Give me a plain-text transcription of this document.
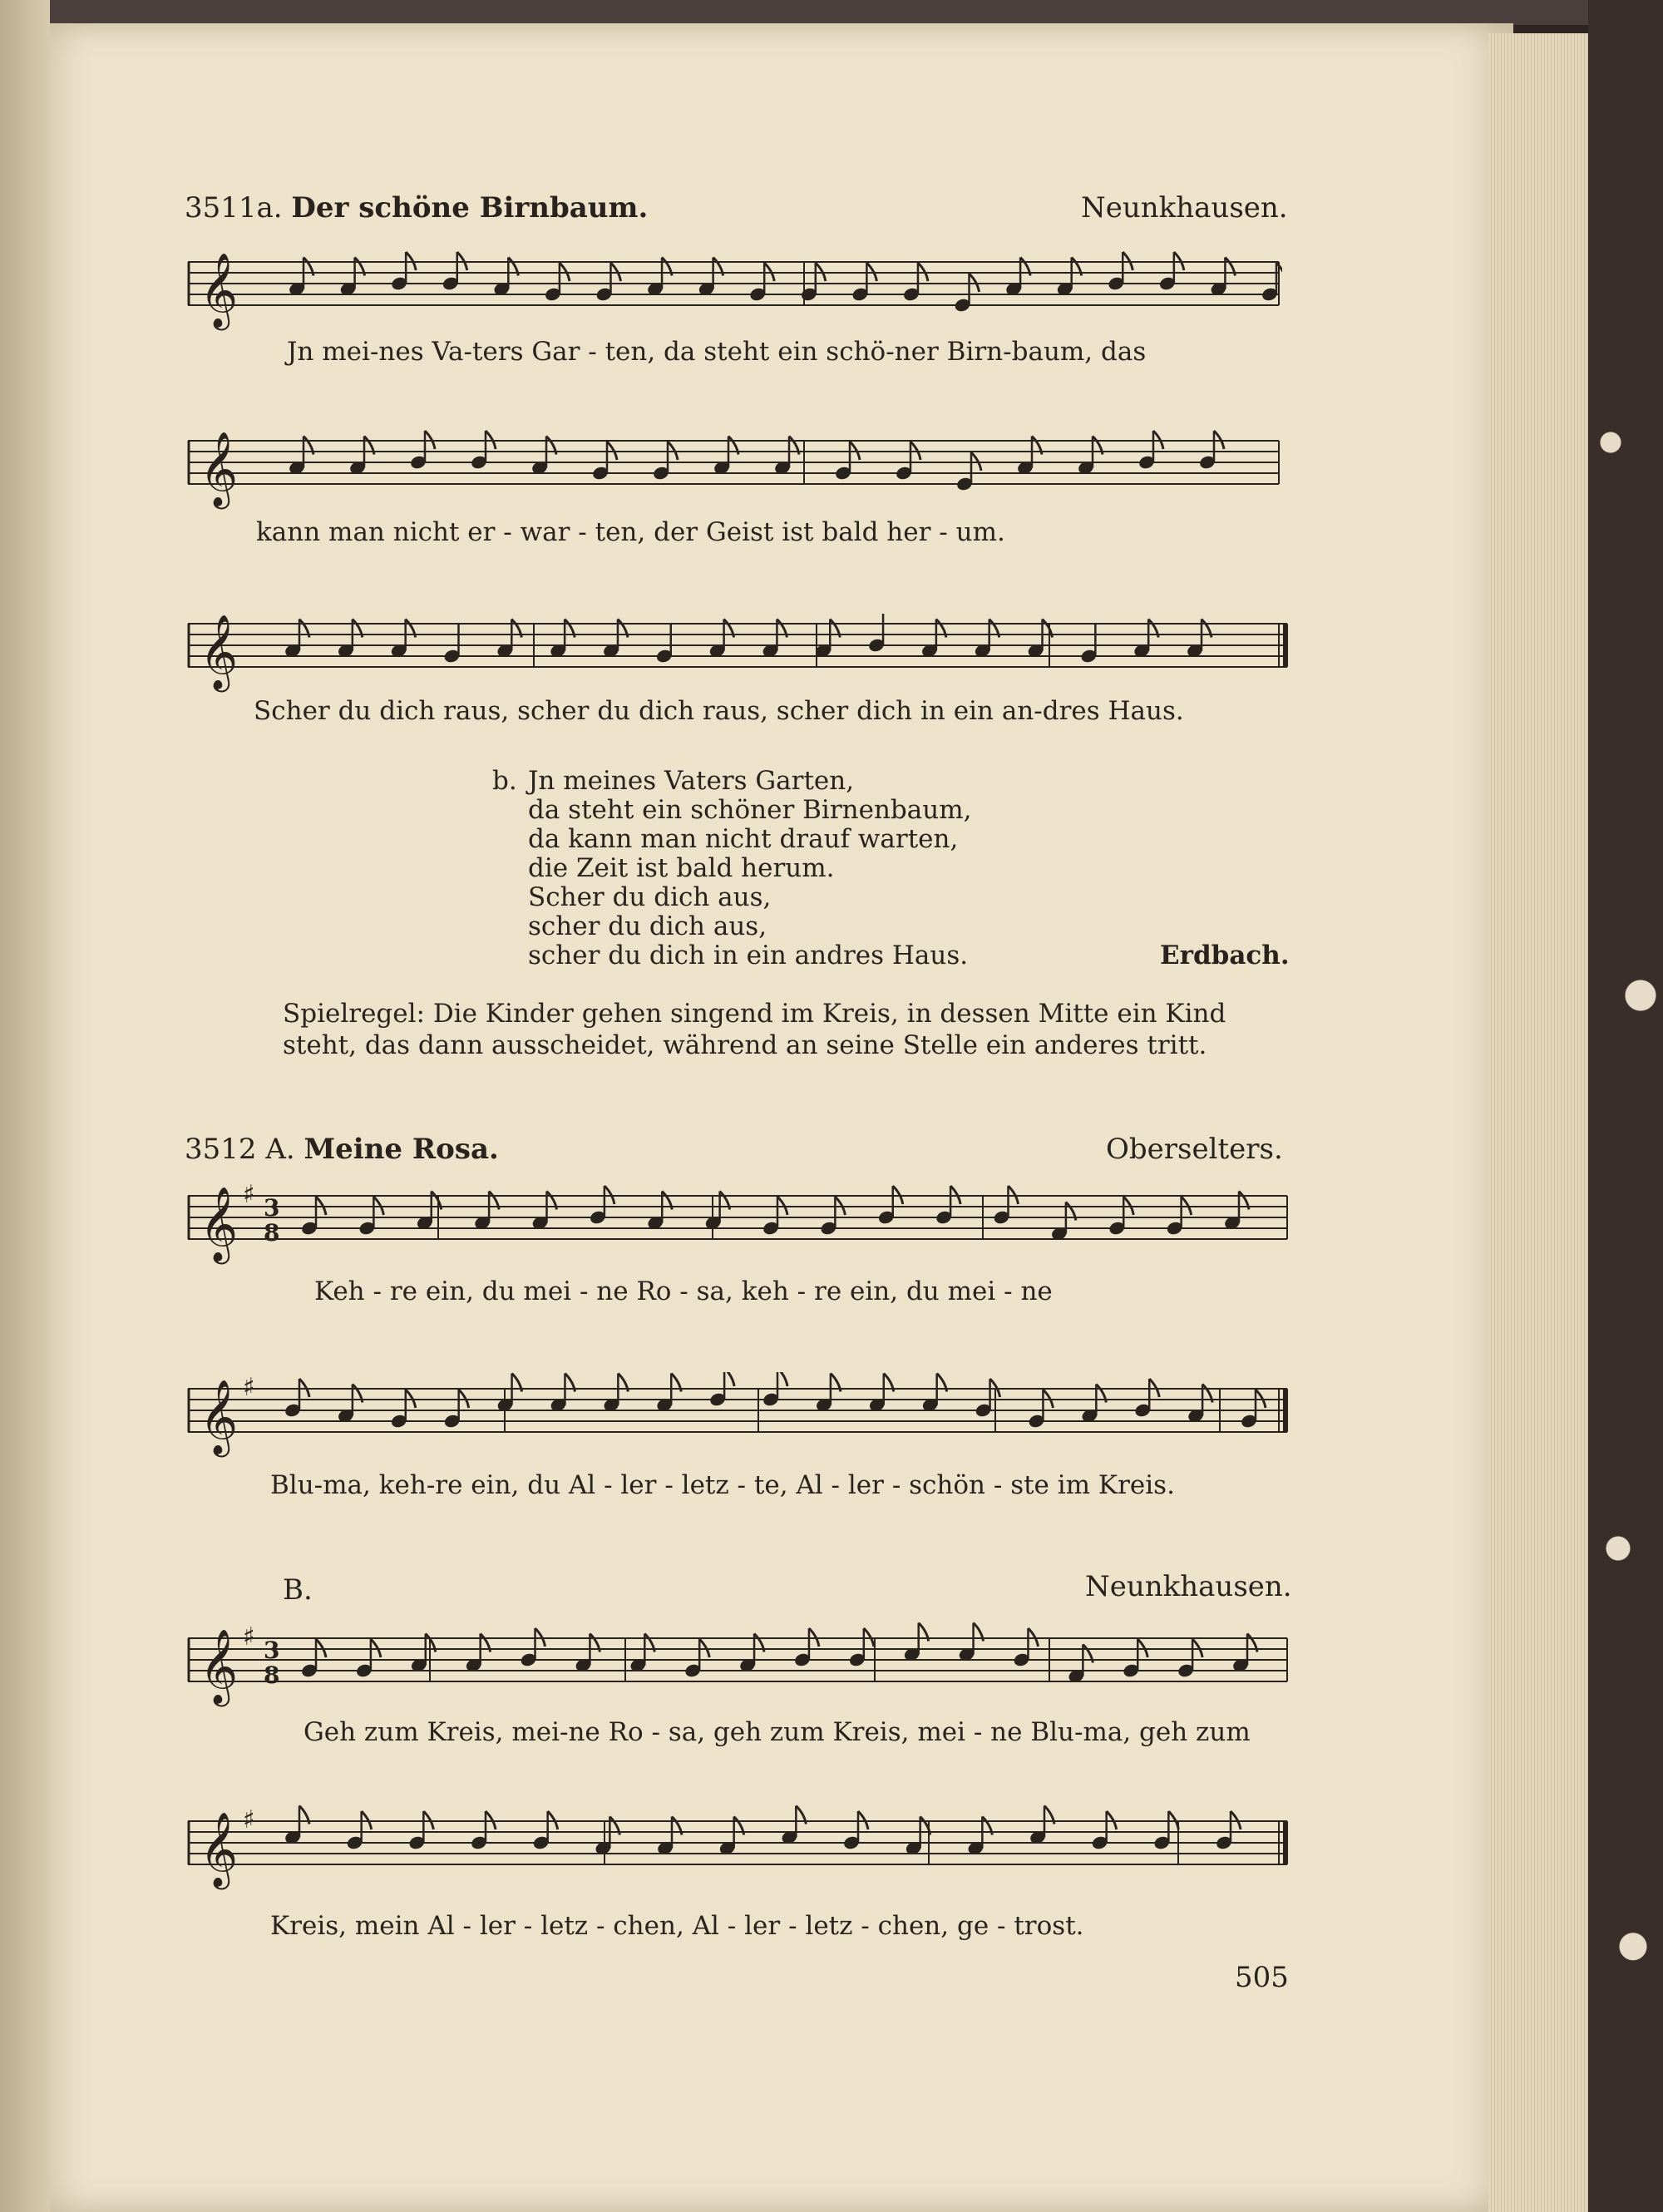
3511a. Der schöne Birnbaum.	Neunkhausen.
𝄞
Jn mei-nes Va-ters Gar - ten, da steht ein schö-ner Birn-baum, das
𝄞
kann man nicht er - war - ten, der Geist ist bald her - um.
𝄞
Scher du dich raus, scher du dich raus, scher dich in ein an-dres Haus.
b. Jn meines Vaters Garten,
da steht ein schöner Birnenbaum,
da kann man nicht drauf warten,
die Zeit ist bald herum.
Scher du dich aus,
scher du dich aus,
scher du dich in ein andres Haus.	Erdbach.
Spielregel: Die Kinder gehen singend im Kreis, in dessen Mitte ein Kind steht, das dann ausscheidet, während an seine Stelle ein anderes tritt.
3512 A. Meine Rosa.	Oberselters.
𝄞 ♯ 3
8
Keh - re ein, du mei - ne Ro - sa, keh - re ein, du mei - ne
𝄞 ♯
Blu-ma, keh-re ein, du Al - ler - letz - te, Al - ler - schön - ste im Kreis.
B.	Neunkhausen.
𝄞 ♯ 3
8
Geh zum Kreis, mei-ne Ro - sa, geh zum Kreis, mei - ne Blu-ma, geh zum
𝄞 ♯
Kreis, mein Al - ler - letz - chen, Al - ler - letz - chen, ge - trost.
505
